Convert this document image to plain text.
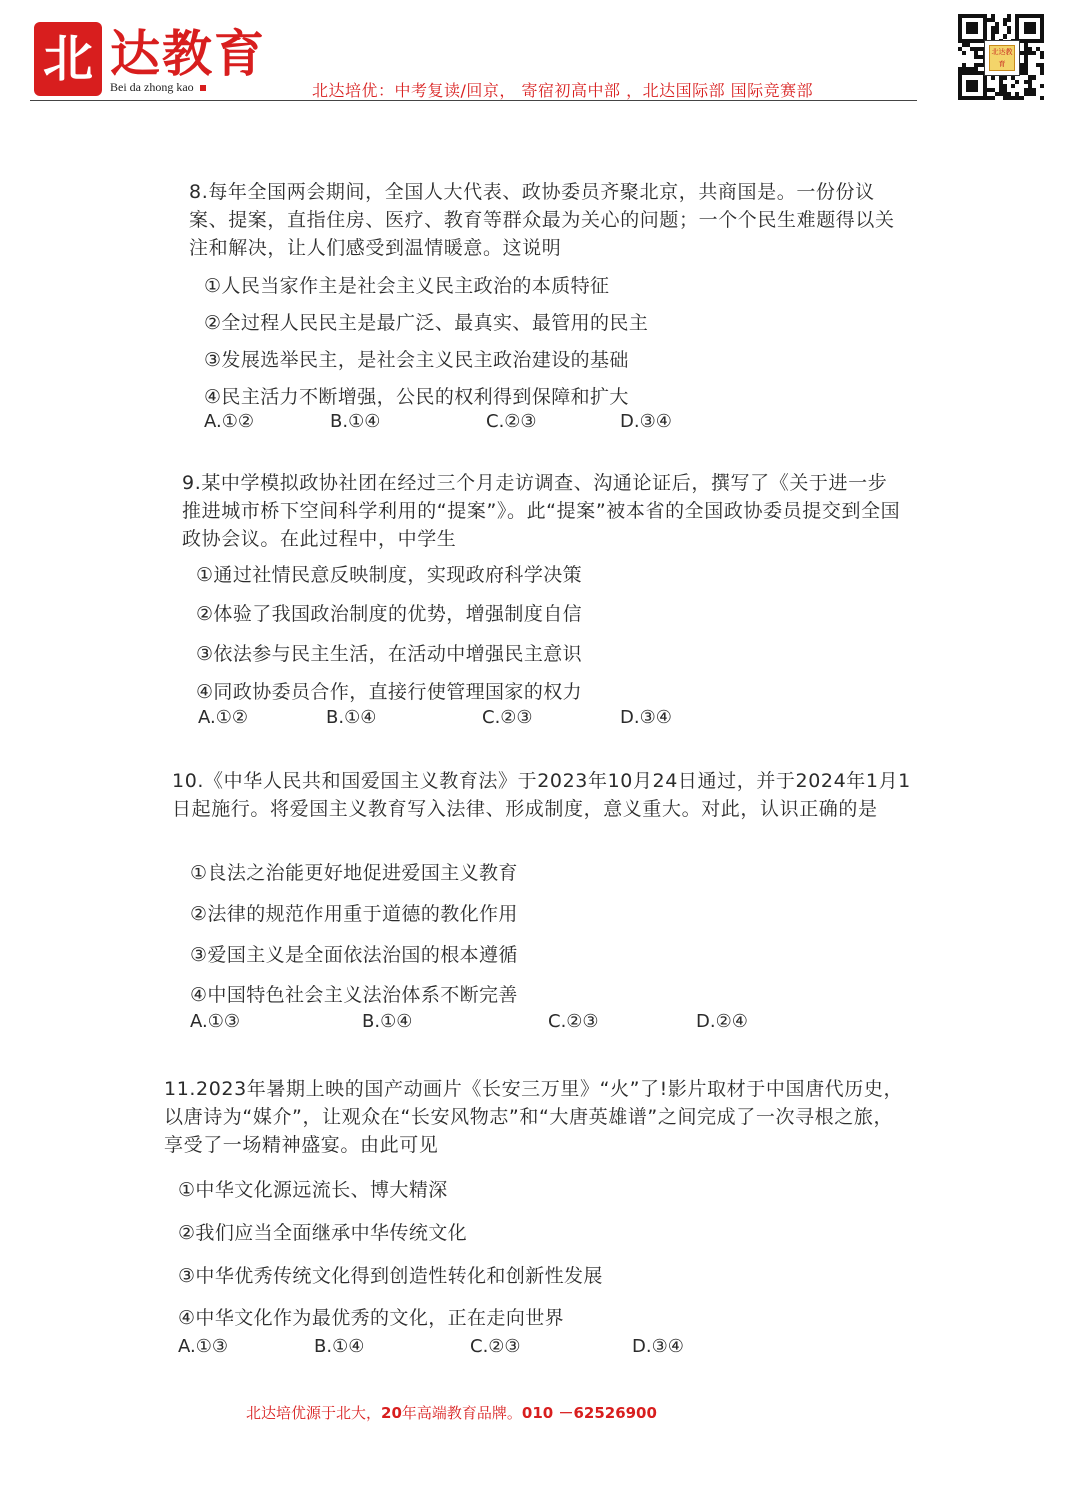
北 达教育
Bei da zhong kao	北达培优：中考复读/回京， 寄宿初高中部 ，北达国际部 国际竞赛部
北达教育
8.每年全国两会期间，全国人大代表、政协委员齐聚北京，共商国是。一份份议案、提案，直指住房、医疗、教育等群众最为关心的问题；一个个民生难题得以关注和解决，让人们感受到温情暖意。这说明
①人民当家作主是社会主义民主政治的本质特征
②全过程人民民主是最广泛、最真实、最管用的民主
③发展选举民主，是社会主义民主政治建设的基础
④民主活力不断增强，公民的权利得到保障和扩大
A.①②	B.①④	C.②③	D.③④
9.某中学模拟政协社团在经过三个月走访调查、沟通论证后，撰写了《关于进一步推进城市桥下空间科学利用的“提案”》。此“提案”被本省的全国政协委员提交到全国政协会议。在此过程中，中学生
①通过社情民意反映制度，实现政府科学决策
②体验了我国政治制度的优势，增强制度自信
③依法参与民主生活，在活动中增强民主意识
④同政协委员合作，直接行使管理国家的权力
A.①②	B.①④	C.②③	D.③④
10.《中华人民共和国爱国主义教育法》于2023年10月24日通过，并于2024年1月1日起施行。将爱国主义教育写入法律、形成制度，意义重大。对此，认识正确的是
①良法之治能更好地促进爱国主义教育
②法律的规范作用重于道德的教化作用
③爱国主义是全面依法治国的根本遵循
④中国特色社会主义法治体系不断完善
A.①③	B.①④	C.②③	D.②④
11.2023年暑期上映的国产动画片《长安三万里》“火”了!影片取材于中国唐代历史，以唐诗为“媒介”，让观众在“长安风物志”和“大唐英雄谱”之间完成了一次寻根之旅，享受了一场精神盛宴。由此可见
①中华文化源远流长、博大精深
②我们应当全面继承中华传统文化
③中华优秀传统文化得到创造性转化和创新性发展
④中华文化作为最优秀的文化，正在走向世界
A.①③	B.①④	C.②③	D.③④
北达培优源于北大，20年高端教育品牌。010 －62526900
